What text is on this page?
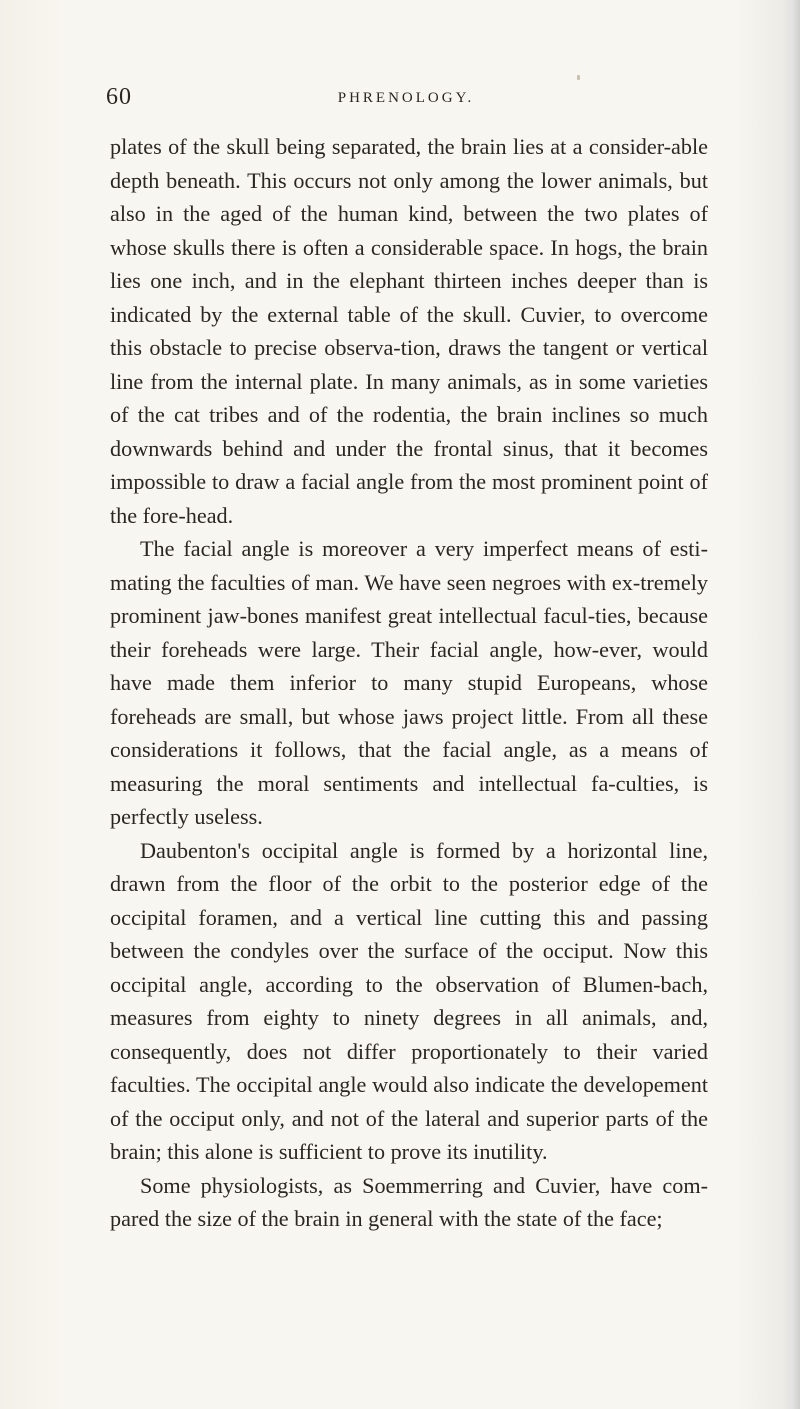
60	PHRENOLOGY.

plates of the skull being separated, the brain lies at a consider-able depth beneath. This occurs not only among the lower animals, but also in the aged of the human kind, between the two plates of whose skulls there is often a considerable space. In hogs, the brain lies one inch, and in the elephant thirteen inches deeper than is indicated by the external table of the skull. Cuvier, to overcome this obstacle to precise observa-tion, draws the tangent or vertical line from the internal plate. In many animals, as in some varieties of the cat tribes and of the rodentia, the brain inclines so much downwards behind and under the frontal sinus, that it becomes impossible to draw a facial angle from the most prominent point of the fore-head.

The facial angle is moreover a very imperfect means of esti-mating the faculties of man. We have seen negroes with ex-tremely prominent jaw-bones manifest great intellectual facul-ties, because their foreheads were large. Their facial angle, how-ever, would have made them inferior to many stupid Europeans, whose foreheads are small, but whose jaws project little. From all these considerations it follows, that the facial angle, as a means of measuring the moral sentiments and intellectual fa-culties, is perfectly useless.

Daubenton's occipital angle is formed by a horizontal line, drawn from the floor of the orbit to the posterior edge of the occipital foramen, and a vertical line cutting this and passing between the condyles over the surface of the occiput. Now this occipital angle, according to the observation of Blumen-bach, measures from eighty to ninety degrees in all animals, and, consequently, does not differ proportionately to their varied faculties. The occipital angle would also indicate the developement of the occiput only, and not of the lateral and superior parts of the brain; this alone is sufficient to prove its inutility.

Some physiologists, as Soemmerring and Cuvier, have com-pared the size of the brain in general with the state of the face;
